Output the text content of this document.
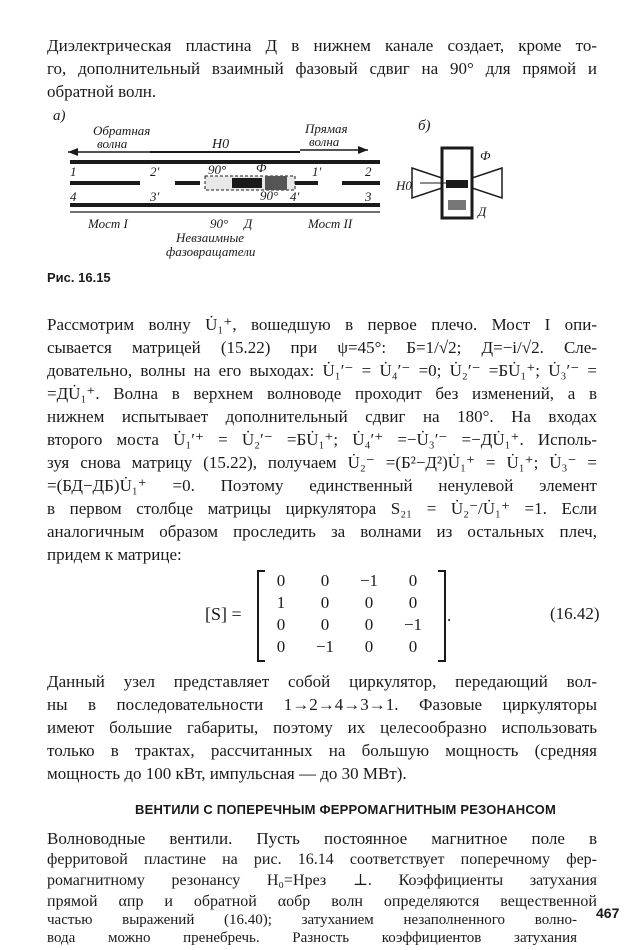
Диэлектрическая пластина Д в нижнем канале создает, кроме то-

го, дополнительный взаимный фазовый сдвиг на 90° для прямой и

обратной волн.

а)
Обратная
волна
Прямая
волна
H0
90° Ф
90°
90° Д
1	2'	1'	2
4	3'	4'	3
Мост I	Мост II
Невзаимные
фазовращатели
б)
Ф
H0
Д
Рис. 16.15

Рассмотрим волну U̇₁⁺, вошедшую в первое плечо. Мост I опи-

сывается матрицей (15.22) при ψ=45°: Б=1/√2; Д=−i/√2. Сле-

довательно, волны на его выходах: U̇₁′⁻ = U̇₄′⁻ =0; U̇₂′⁻ =БU̇₁⁺; U̇₃′⁻ =

=ДU̇₁⁺. Волна в верхнем волноводе проходит без изменений, а в

нижнем испытывает дополнительный сдвиг на 180°. На входах

второго моста U̇₁′⁺ = U̇₂′⁻ =БU̇₁⁺; U̇₄′⁺ =−U̇₃′⁻ =−ДU̇₁⁺. Исполь-

зуя снова матрицу (15.22), получаем U̇₂⁻ =(Б²−Д²)U̇₁⁺ = U̇₁⁺; U̇₃⁻ =

=(БД−ДБ)U̇₁⁺ =0. Поэтому единственный ненулевой элемент

в первом столбце матрицы циркулятора S₂₁ = U̇₂⁻/U̇₁⁺ =1. Если

аналогичным образом проследить за волнами из остальных плеч,

придем к матрице:

[S] =
0	0	−1	0
1	0	0	0
0	0	0	−1
0	−1	0	0
.	(16.42)

Данный узел представляет собой циркулятор, передающий вол-

ны в последовательности 1→2→4→3→1. Фазовые циркуляторы

имеют большие габариты, поэтому их целесообразно использовать

только в трактах, рассчитанных на большую мощность (средняя

мощность до 100 кВт, импульсная — до 30 МВт).

ВЕНТИЛИ С ПОПЕРЕЧНЫМ ФЕРРОМАГНИТНЫМ РЕЗОНАНСОМ

Волноводные вентили. Пусть постоянное магнитное поле в

ферритовой пластине на рис. 16.14 соответствует поперечному фер-

ромагнитному резонансу H₀=Hрез ⊥. Коэффициенты затухания

прямой αпр и обратной αобр волн определяются вещественной

частью выражений (16.40); затуханием незаполненного волно-

вода можно пренебречь. Разность коэффициентов затухания

467
